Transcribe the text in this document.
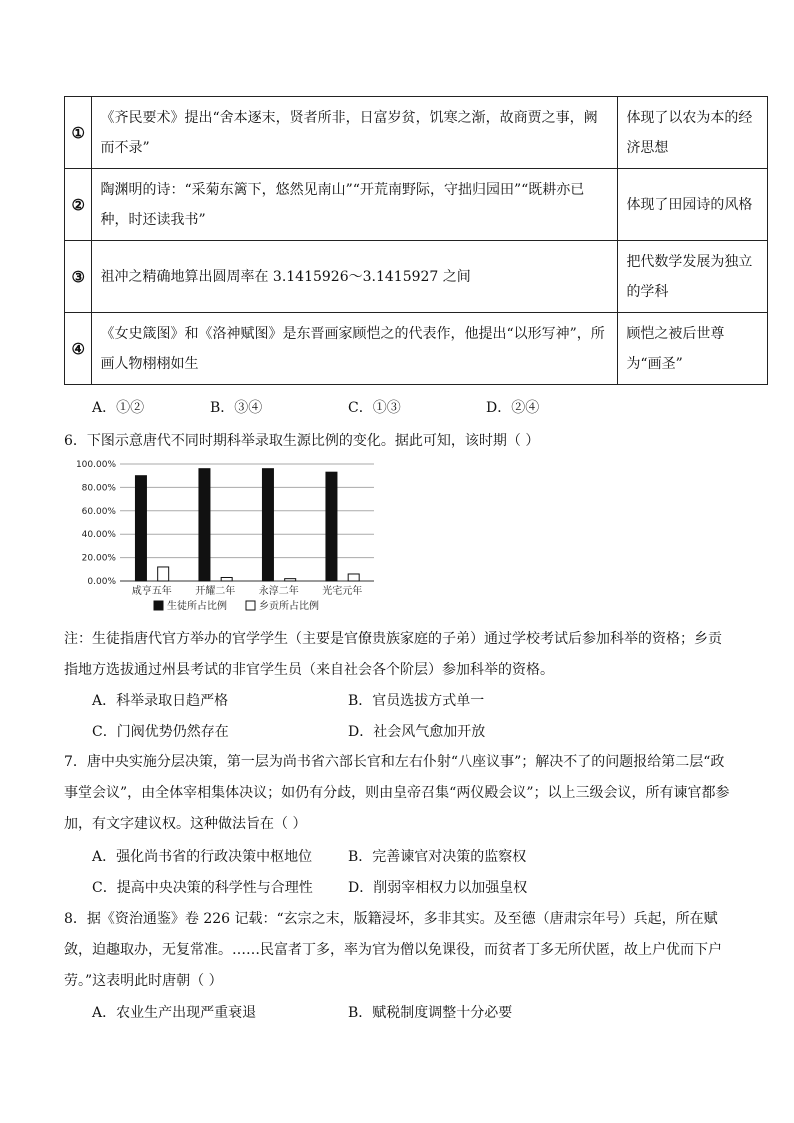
①	《齐民要术》提出“舍本逐末，贤者所非，日富岁贫，饥寒之渐，故商贾之事，阙而不录”	体现了以农为本的经济思想
②	陶渊明的诗：“采菊东篱下，悠然见南山”“开荒南野际，守拙归园田”“既耕亦已种，时还读我书”	体现了田园诗的风格
③	祖冲之精确地算出圆周率在 3.1415926～3.1415927 之间	把代数学发展为独立的学科
④	《女史箴图》和《洛神赋图》是东晋画家顾恺之的代表作，他提出“以形写神”，所画人物栩栩如生	顾恺之被后世尊为“画圣”
A．①②	B．③④	C．①③	D．②④
6．下图示意唐代不同时期科举录取生源比例的变化。据此可知，该时期（ ）
100.00%
80.00%
60.00%
40.00%
20.00%
0.00%
咸亨五年 开耀二年 永淳二年 光宅元年
生徒所占比例	乡贡所占比例
注：生徒指唐代官方举办的官学学生（主要是官僚贵族家庭的子弟）通过学校考试后参加科举的资格；乡贡指地方选拔通过州县考试的非官学生员（来自社会各个阶层）参加科举的资格。
A．科举录取日趋严格	B．官员选拔方式单一
C．门阀优势仍然存在	D．社会风气愈加开放
7．唐中央实施分层决策，第一层为尚书省六部长官和左右仆射“八座议事”；解决不了的问题报给第二层“政事堂会议”，由全体宰相集体决议；如仍有分歧，则由皇帝召集“两仪殿会议”；以上三级会议，所有谏官都参加，有文字建议权。这种做法旨在（ ）
A．强化尚书省的行政决策中枢地位	B．完善谏官对决策的监察权
C．提高中央决策的科学性与合理性	D．削弱宰相权力以加强皇权
8．据《资治通鉴》卷 226 记载：“玄宗之末，版籍浸坏，多非其实。及至德（唐肃宗年号）兵起，所在赋敛，迫趣取办，无复常准。……民富者丁多，率为官为僧以免课役，而贫者丁多无所伏匿，故上户优而下户劳。”这表明此时唐朝（ ）
A．农业生产出现严重衰退	B．赋税制度调整十分必要
